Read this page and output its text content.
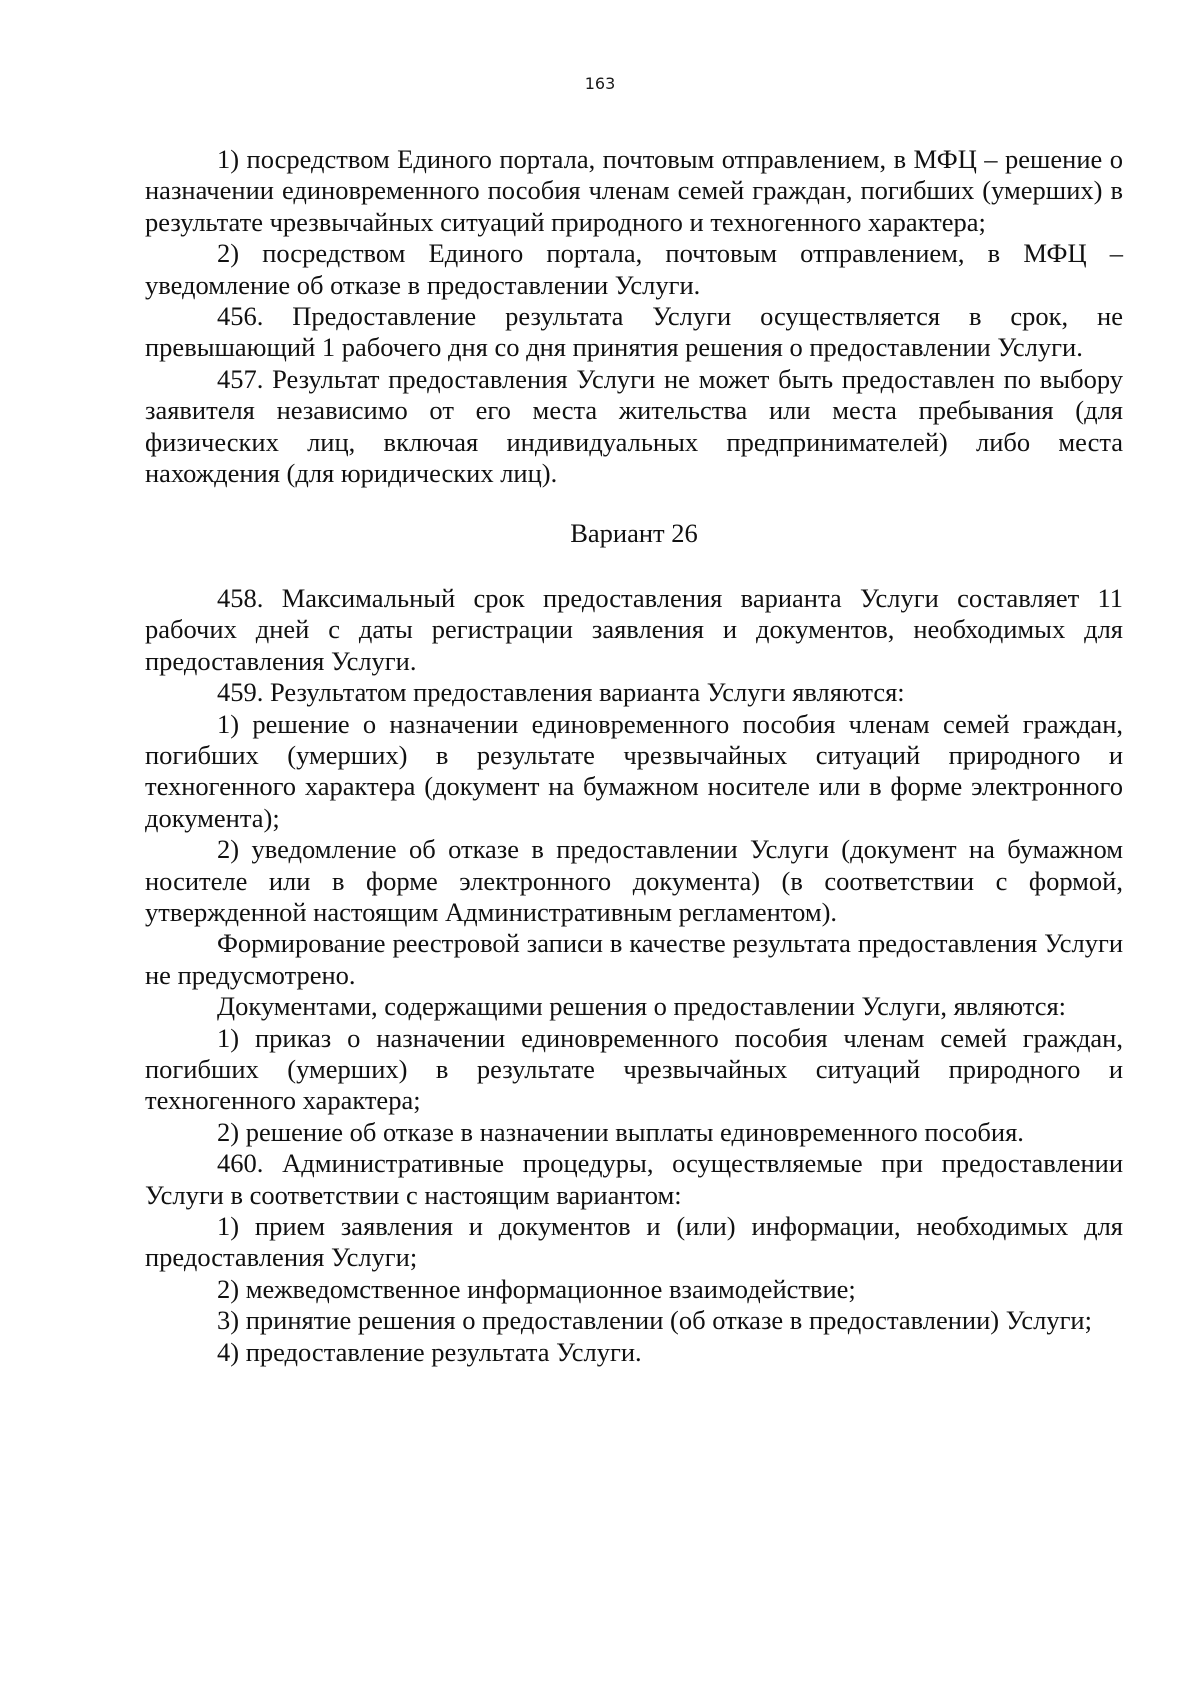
163

1) посредством Единого портала, почтовым отправлением, в МФЦ – решение о назначении единовременного пособия членам семей граждан, погибших (умерших) в результате чрезвычайных ситуаций природного и техногенного характера;

2) посредством Единого портала, почтовым отправлением, в МФЦ – уведомление об отказе в предоставлении Услуги.

456. Предоставление результата Услуги осуществляется в срок, не превышающий 1 рабочего дня со дня принятия решения о предоставлении Услуги.

457. Результат предоставления Услуги не может быть предоставлен по выбору заявителя независимо от его места жительства или места пребывания (для физических лиц, включая индивидуальных предпринимателей) либо места нахождения (для юридических лиц).

Вариант 26

458. Максимальный срок предоставления варианта Услуги составляет 11 рабочих дней с даты регистрации заявления и документов, необходимых для предоставления Услуги.

459. Результатом предоставления варианта Услуги являются:

1) решение о назначении единовременного пособия членам семей граждан, погибших (умерших) в результате чрезвычайных ситуаций природного и техногенного характера (документ на бумажном носителе или в форме электронного документа);

2) уведомление об отказе в предоставлении Услуги (документ на бумажном носителе или в форме электронного документа) (в соответствии с формой, утвержденной настоящим Административным регламентом).

Формирование реестровой записи в качестве результата предоставления Услуги не предусмотрено.

Документами, содержащими решения о предоставлении Услуги, являются:

1) приказ о назначении единовременного пособия членам семей граждан, погибших (умерших) в результате чрезвычайных ситуаций природного и техногенного характера;

2) решение об отказе в назначении выплаты единовременного пособия.

460. Административные процедуры, осуществляемые при предоставлении Услуги в соответствии с настоящим вариантом:

1) прием заявления и документов и (или) информации, необходимых для предоставления Услуги;

2) межведомственное информационное взаимодействие;

3) принятие решения о предоставлении (об отказе в предоставлении) Услуги;

4) предоставление результата Услуги.
